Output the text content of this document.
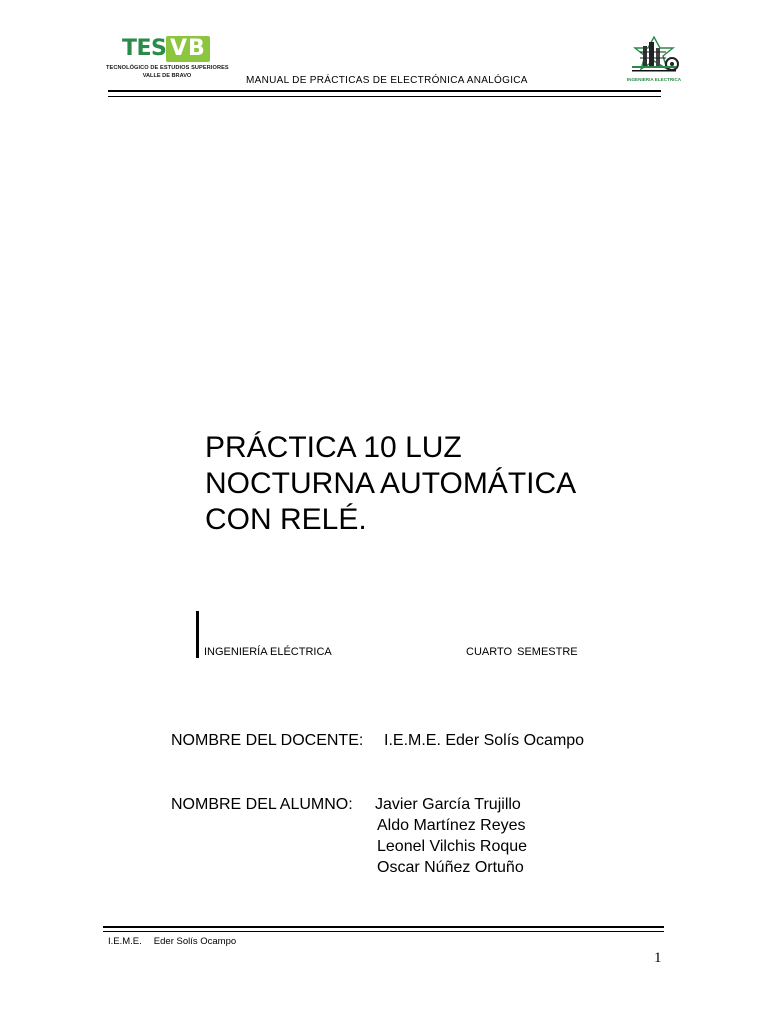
TES VB
TECNOLÓGICO DE ESTUDIOS SUPERIORES
VALLE DE BRAVO	MANUAL DE PRÁCTICAS DE ELECTRÓNICA ANALÓGICA	INGENIERIA ELECTRICA
PRÁCTICA 10 LUZ
NOCTURNA AUTOMÁTICA
CON RELÉ.
INGENIERÍA ELÉCTRICA	CUARTO SEMESTRE
NOMBRE DEL DOCENTE: I.E.M.E. Eder Solís Ocampo
NOMBRE DEL ALUMNO: Javier García Trujillo
Aldo Martínez Reyes
Leonel Vilchis Roque
Oscar Núñez Ortuño
I.E.M.E. Eder Solís Ocampo
1
